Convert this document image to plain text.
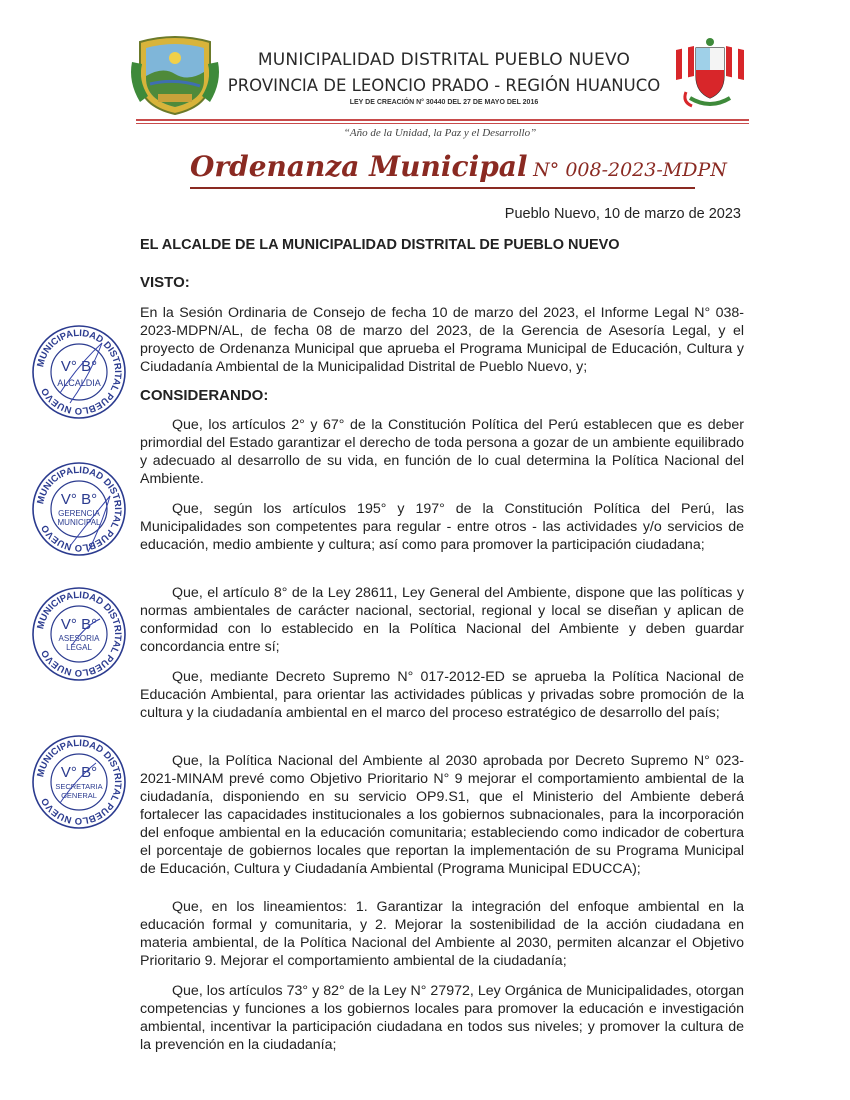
MUNICIPALIDAD DISTRITAL PUEBLO NUEVO
PROVINCIA DE LEONCIO PRADO - REGIÓN HUANUCO
LEY DE CREACIÓN N° 30440 DEL 27 DE MAYO DEL 2016
“Año de la Unidad, la Paz y el Desarrollo”
Ordenanza Municipal N° 008-2023-MDPN
Pueblo Nuevo, 10 de marzo de 2023
EL ALCALDE DE LA MUNICIPALIDAD DISTRITAL DE PUEBLO NUEVO
VISTO:
En la Sesión Ordinaria de Consejo de fecha 10 de marzo del 2023, el Informe Legal N° 038-2023-MDPN/AL, de fecha 08 de marzo del 2023, de la Gerencia de Asesoría Legal, y el proyecto de Ordenanza Municipal que aprueba el Programa Municipal de Educación, Cultura y Ciudadanía Ambiental de la Municipalidad Distrital de Pueblo Nuevo, y;
CONSIDERANDO:
Que, los artículos 2° y 67° de la Constitución Política del Perú establecen que es deber primordial del Estado garantizar el derecho de toda persona a gozar de un ambiente equilibrado y adecuado al desarrollo de su vida, en función de lo cual determina la Política Nacional del Ambiente.
Que, según los artículos 195° y 197° de la Constitución Política del Perú, las Municipalidades son competentes para regular - entre otros - las actividades y/o servicios de educación, medio ambiente y cultura; así como para promover la participación ciudadana;
Que, el artículo 8° de la Ley 28611, Ley General del Ambiente, dispone que las políticas y normas ambientales de carácter nacional, sectorial, regional y local se diseñan y aplican de conformidad con lo establecido en la Política Nacional del Ambiente y deben guardar concordancia entre sí;
Que, mediante Decreto Supremo N° 017-2012-ED se aprueba la Política Nacional de Educación Ambiental, para orientar las actividades públicas y privadas sobre promoción de la cultura y la ciudadanía ambiental en el marco del proceso estratégico de desarrollo del país;
Que, la Política Nacional del Ambiente al 2030 aprobada por Decreto Supremo N° 023-2021-MINAM prevé como Objetivo Prioritario N° 9 mejorar el comportamiento ambiental de la ciudadanía, disponiendo en su servicio OP9.S1, que el Ministerio del Ambiente deberá fortalecer las capacidades institucionales a los gobiernos subnacionales, para la incorporación del enfoque ambiental en la educación comunitaria; estableciendo como indicador de cobertura el porcentaje de gobiernos locales que reportan la implementación de su Programa Municipal de Educación, Cultura y Ciudadanía Ambiental (Programa Municipal EDUCCA);
Que, en los lineamientos: 1. Garantizar la integración del enfoque ambiental en la educación formal y comunitaria, y 2. Mejorar la sostenibilidad de la acción ciudadana en materia ambiental, de la Política Nacional del Ambiente al 2030, permiten alcanzar el Objetivo Prioritario 9. Mejorar el comportamiento ambiental de la ciudadanía;
Que, los artículos 73° y 82° de la Ley N° 27972, Ley Orgánica de Municipalidades, otorgan competencias y funciones a los gobiernos locales para promover la educación e investigación ambiental, incentivar la participación ciudadana en todos sus niveles; y promover la cultura de la prevención en la ciudadanía;
MUNICIPALIDAD DISTRITAL PUEBLO NUEVO
V° B°
ALCALDIA
MUNICIPALIDAD DISTRITAL PUEBLO NUEVO
V° B°
GERENCIA
MUNICIPAL
MUNICIPALIDAD DISTRITAL PUEBLO NUEVO
V° B°
ASESORIA
LEGAL
MUNICIPALIDAD DISTRITAL PUEBLO NUEVO
V° B°
SECRETARIA
GENERAL
